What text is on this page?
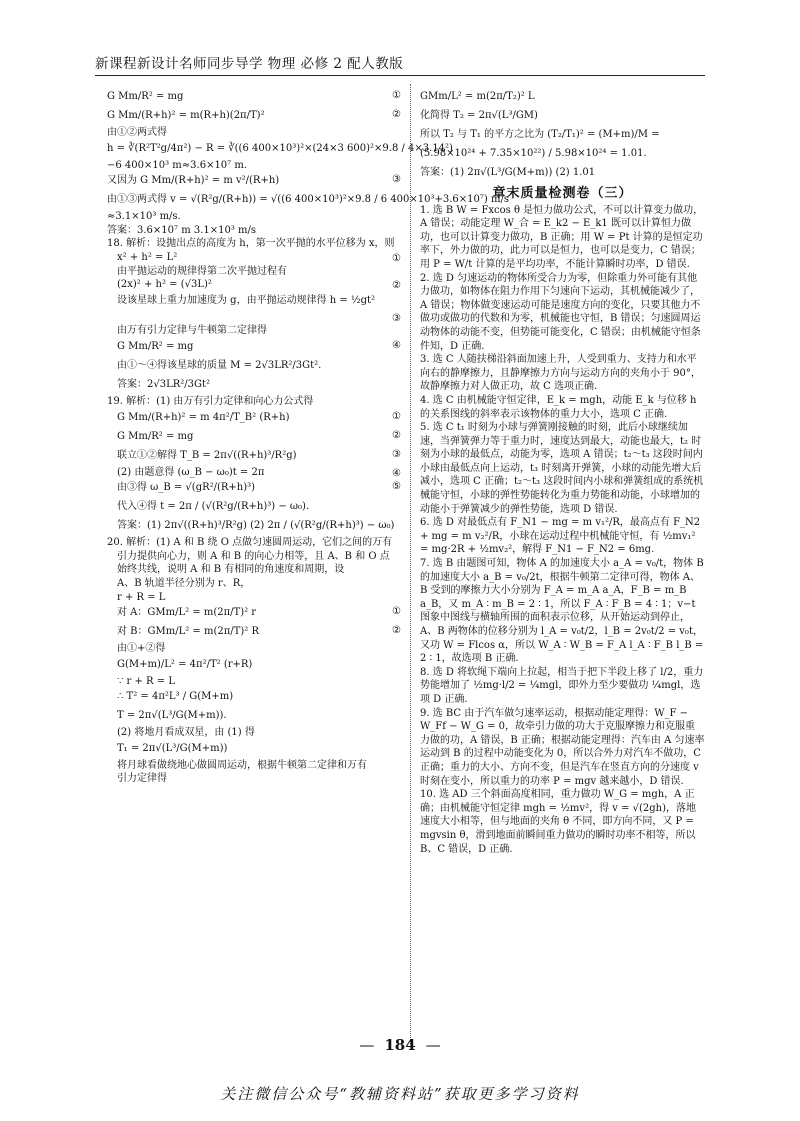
新课程新设计名师同步导学 物理 必修 2 配人教版
G Mm/R² = mg	①
G Mm/(R+h)² = m(R+h)(2π/T)²	②
由①②两式得
h = ∛(R²T²g/4π²) − R = ∛((6 400×10³)²×(24×3 600)²×9.8 / 4×3.14²)
−6 400×10³ m≈3.6×10⁷ m.
又因为 G Mm/(R+h)² = m v²/(R+h)	③
由①③两式得 v = √(R²g/(R+h)) = √((6 400×10³)²×9.8 / 6 400×10³+3.6×10⁷) m/s
≈3.1×10³ m/s.
答案：3.6×10⁷ m 3.1×10³ m/s
18. 解析：设抛出点的高度为 h，第一次平抛的水平位移为 x，则
x² + h² = L²	①
由平抛运动的规律得第二次平抛过程有
(2x)² + h² = (√3L)²	②
设该星球上重力加速度为 g，由平抛运动规律得 h = ½gt²
③
由万有引力定律与牛顿第二定律得
G Mm/R² = mg	④
由①～④得该星球的质量 M = 2√3LR²/3Gt².
答案：2√3LR²/3Gt²
19. 解析：(1) 由万有引力定律和向心力公式得
G Mm/(R+h)² = m 4π²/T_B² (R+h)	①
G Mm/R² = mg	②
联立①②解得 T_B = 2π√((R+h)³/R²g)	③
(2) 由题意得 (ω_B − ω₀)t = 2π	④
由③得 ω_B = √(gR²/(R+h)³)	⑤
代入④得 t = 2π / (√(R²g/(R+h)³) − ω₀).
答案：(1) 2π√((R+h)³/R²g) (2) 2π / (√(R²g/(R+h)³) − ω₀)
20. 解析：(1) A 和 B 绕 O 点做匀速圆周运动，它们之间的万有
引力提供向心力，则 A 和 B 的向心力相等，且 A、B 和 O 点
始终共线，说明 A 和 B 有相同的角速度和周期，设
A、B 轨道半径分别为 r、R，
r + R = L
对 A：GMm/L² = m(2π/T)² r	①
对 B：GMm/L² = m(2π/T)² R	②
由①+②得
G(M+m)/L² = 4π²/T² (r+R)
∵ r + R = L
∴ T² = 4π²L³ / G(M+m)
T = 2π√(L³/G(M+m)).
(2) 将地月看成双星，由 (1) 得
T₁ = 2π√(L³/G(M+m))
将月球看做绕地心做圆周运动，根据牛顿第二定律和万有
引力定律得
GMm/L² = m(2π/T₂)² L
化简得 T₂ = 2π√(L³/GM)
所以 T₂ 与 T₁ 的平方之比为 (T₂/T₁)² = (M+m)/M =
(5.98×10²⁴ + 7.35×10²²) / 5.98×10²⁴ = 1.01.
答案：(1) 2π√(L³/G(M+m)) (2) 1.01
章末质量检测卷（三）
1. 选 B W = Fxcos θ 是恒力做功公式，不可以计算变力做功，A 错误；动能定理 W_合 = E_k2 − E_k1 既可以计算恒力做功，也可以计算变力做功，B 正确；用 W = Pt 计算的是恒定功率下，外力做的功，此力可以是恒力，也可以是变力，C 错误；用 P = W/t 计算的是平均功率，不能计算瞬时功率，D 错误.
2. 选 D 匀速运动的物体所受合力为零，但除重力外可能有其他力做功，如物体在阻力作用下匀速向下运动，其机械能减少了，A 错误；物体做变速运动可能是速度方向的变化，只要其他力不做功或做功的代数和为零，机械能也守恒，B 错误；匀速圆周运动物体的动能不变，但势能可能变化，C 错误；由机械能守恒条件知，D 正确.
3. 选 C 人随扶梯沿斜面加速上升，人受到重力、支持力和水平向右的静摩擦力，且静摩擦力方向与运动方向的夹角小于 90°，故静摩擦力对人做正功，故 C 选项正确.
4. 选 C 由机械能守恒定律，E_k = mgh，动能 E_k 与位移 h 的关系图线的斜率表示该物体的重力大小，选项 C 正确.
5. 选 C t₁ 时刻为小球与弹簧刚接触的时刻，此后小球继续加速，当弹簧弹力等于重力时，速度达到最大，动能也最大，t₂ 时刻为小球的最低点，动能为零，选项 A 错误；t₂～t₃ 这段时间内小球由最低点向上运动，t₃ 时刻离开弹簧，小球的动能先增大后减小，选项 C 正确；t₂～t₃ 这段时间内小球和弹簧组成的系统机械能守恒，小球的弹性势能转化为重力势能和动能，小球增加的动能小于弹簧减少的弹性势能，选项 D 错误.
6. 选 D 对最低点有 F_N1 − mg = m v₁²/R，最高点有 F_N2 + mg = m v₂²/R，小球在运动过程中机械能守恒，有 ½mv₁² = mg·2R + ½mv₂²，解得 F_N1 − F_N2 = 6mg.
7. 选 B 由题图可知，物体 A 的加速度大小 a_A = v₀/t，物体 B 的加速度大小 a_B = v₀/2t，根据牛顿第二定律可得，物体 A、B 受到的摩擦力大小分别为 F_A = m_A a_A，F_B = m_B a_B，又 m_A ∶ m_B = 2 ∶ 1，所以 F_A ∶ F_B = 4 ∶ 1；v−t 图象中图线与横轴所围的面积表示位移，从开始运动到停止，A、B 两物体的位移分别为 l_A = v₀t/2，l_B = 2v₀t/2 = v₀t，又功 W = Flcos α，所以 W_A ∶ W_B = F_A l_A ∶ F_B l_B = 2 ∶ 1，故选项 B 正确.
8. 选 D 将软绳下端向上拉起，相当于把下半段上移了 l/2，重力势能增加了 ½mg·l/2 = ¼mgl，即外力至少要做功 ¼mgl，选项 D 正确.
9. 选 BC 由于汽车做匀速率运动，根据动能定理得：W_F − W_Ff − W_G = 0，故牵引力做的功大于克服摩擦力和克服重力做的功，A 错误，B 正确；根据动能定理得：汽车由 A 匀速率运动到 B 的过程中动能变化为 0，所以合外力对汽车不做功，C 正确；重力的大小、方向不变，但是汽车在竖直方向的分速度 v 时刻在变小，所以重力的功率 P = mgv 越来越小，D 错误.
10. 选 AD 三个斜面高度相同，重力做功 W_G = mgh，A 正确；由机械能守恒定律 mgh = ½mv²，得 v = √(2gh)，落地速度大小相等，但与地面的夹角 θ 不同，即方向不同，又 P = mgvsin θ，滑到地面前瞬间重力做功的瞬时功率不相等，所以 B、C 错误，D 正确.
— 184 —
关注微信公众号“教辅资料站”获取更多学习资料
